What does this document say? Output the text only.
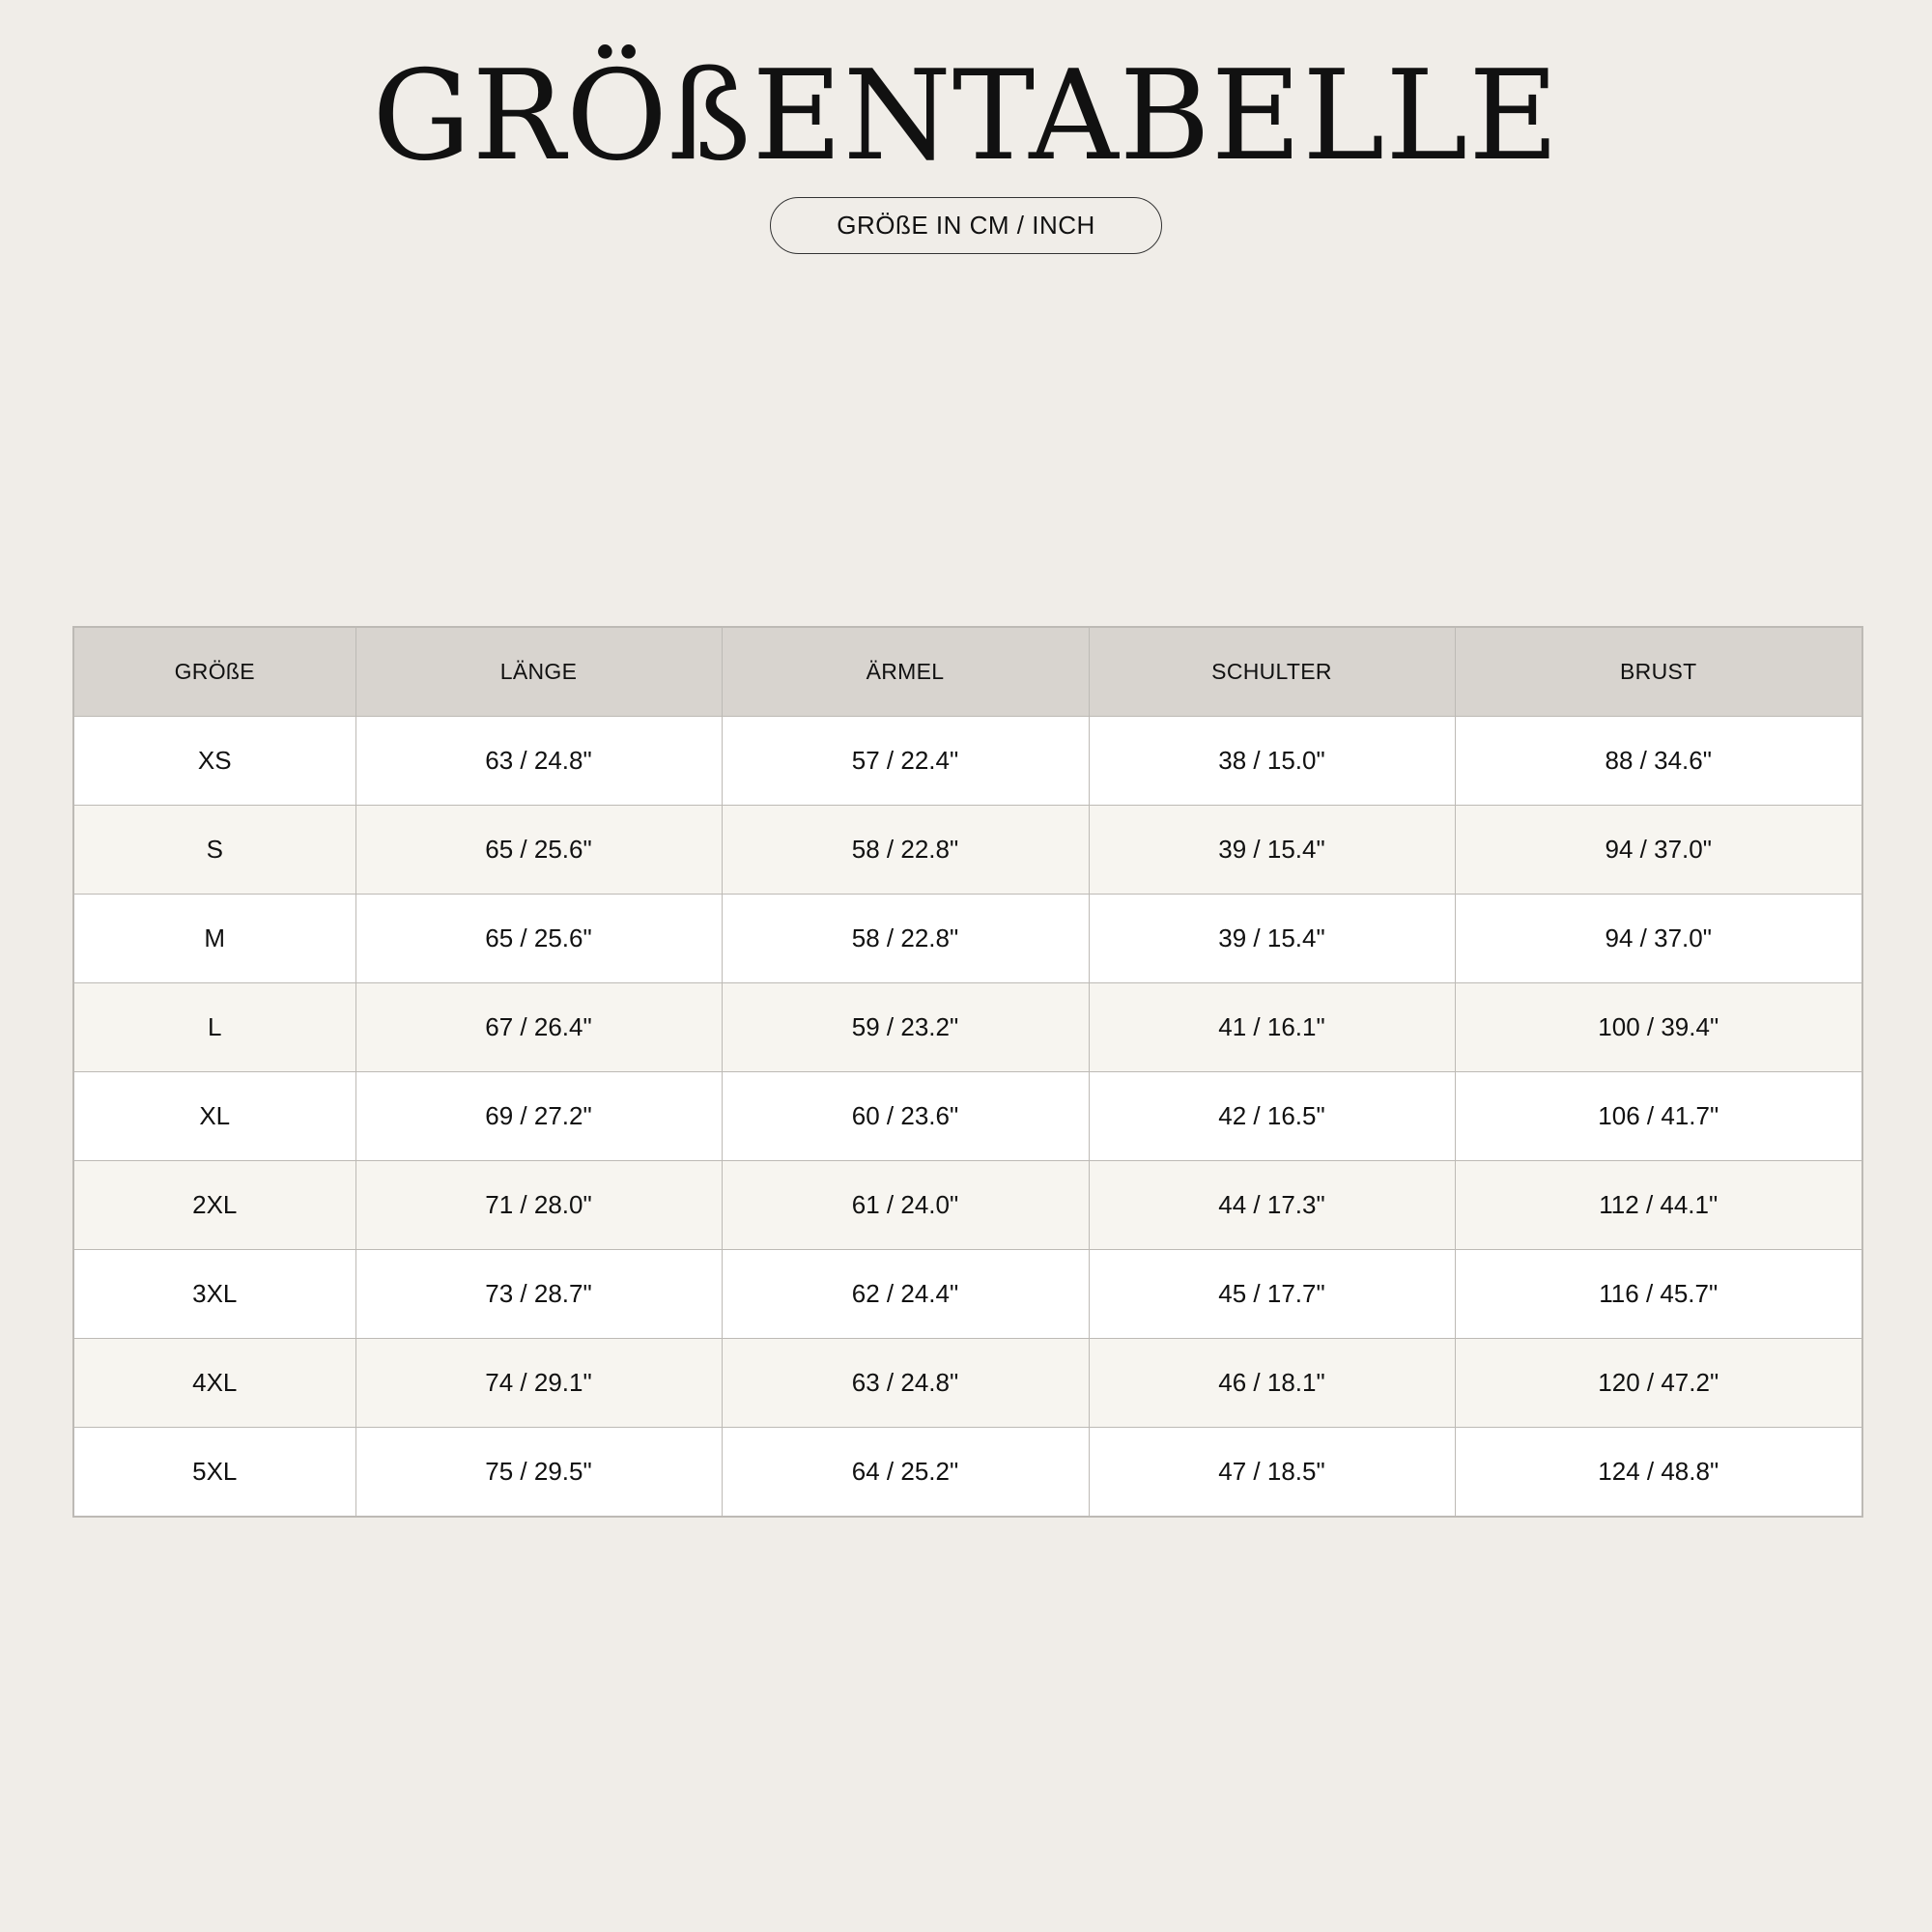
GRÖßENTABELLE
GRÖßE IN CM / INCH
GRÖßE	LÄNGE	ÄRMEL	SCHULTER	BRUST
XS	63 / 24.8"	57 / 22.4"	38 / 15.0"	88 / 34.6"
S	65 / 25.6"	58 / 22.8"	39 / 15.4"	94 / 37.0"
M	65 / 25.6"	58 / 22.8"	39 / 15.4"	94 / 37.0"
L	67 / 26.4"	59 / 23.2"	41 / 16.1"	100 / 39.4"
XL	69 / 27.2"	60 / 23.6"	42 / 16.5"	106 / 41.7"
2XL	71 / 28.0"	61 / 24.0"	44 / 17.3"	112 / 44.1"
3XL	73 / 28.7"	62 / 24.4"	45 / 17.7"	116 / 45.7"
4XL	74 / 29.1"	63 / 24.8"	46 / 18.1"	120 / 47.2"
5XL	75 / 29.5"	64 / 25.2"	47 / 18.5"	124 / 48.8"
